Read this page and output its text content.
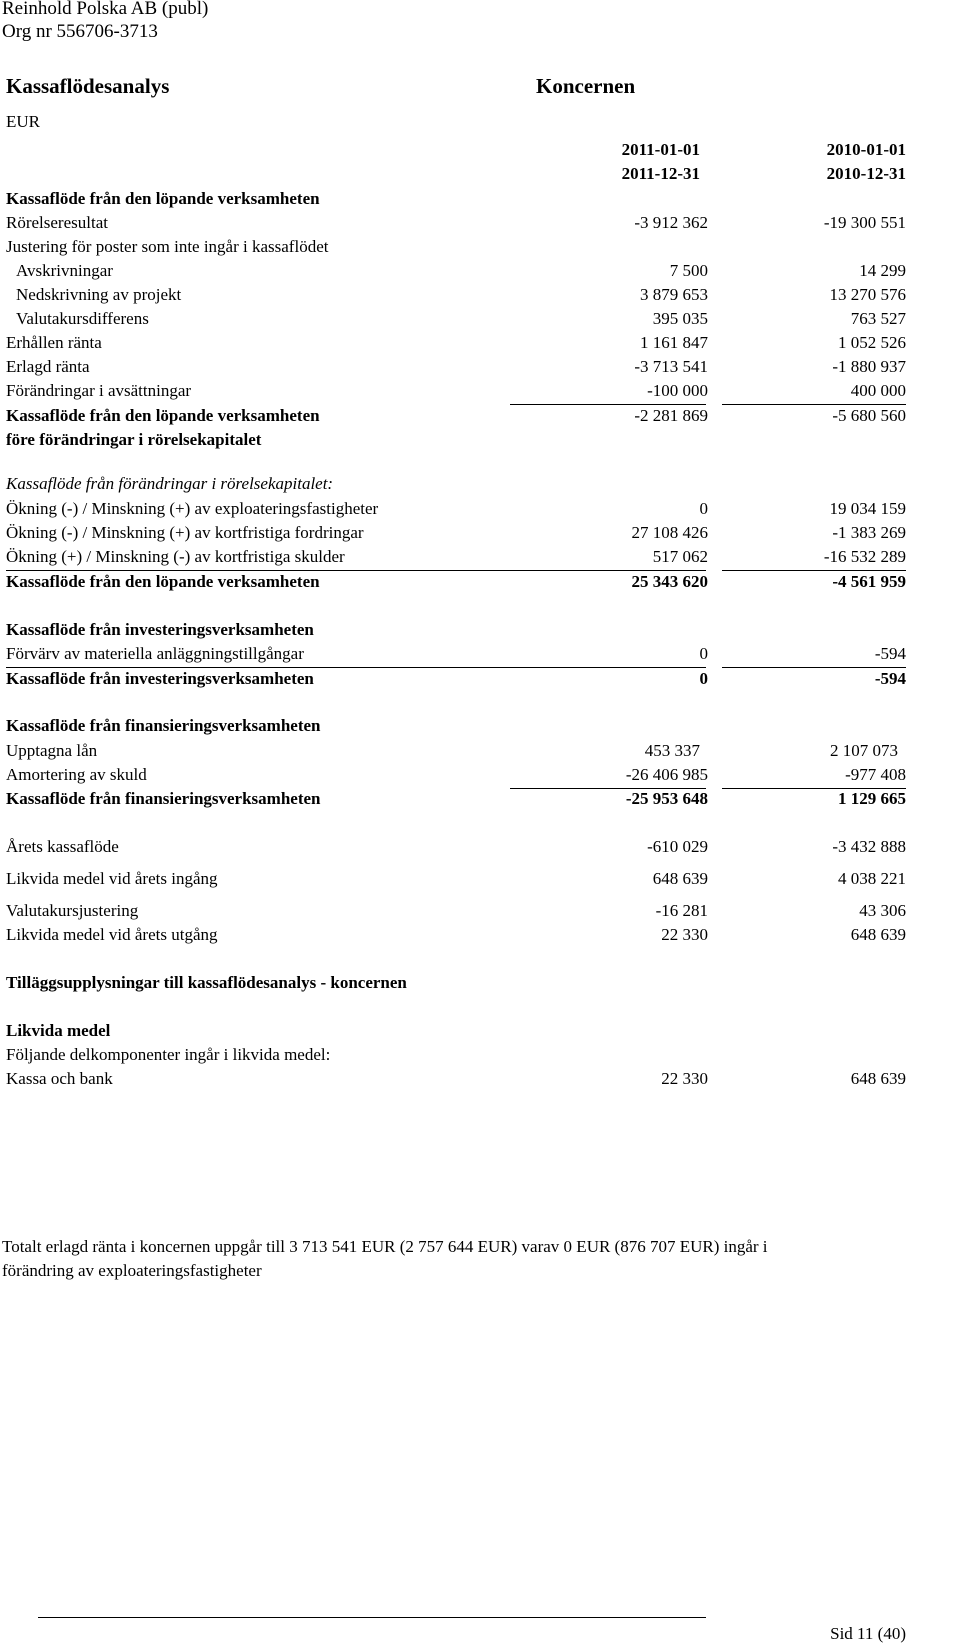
Reinhold Polska AB (publ)
Org nr 556706-3713
Kassaflödesanalys	Koncernen
EUR
2011-01-01	2010-01-01
2011-12-31	2010-12-31
Kassaflöde från den löpande verksamheten
Rörelseresultat	-3 912 362	-19 300 551
Justering för poster som inte ingår i kassaflödet
Avskrivningar	7 500	14 299
Nedskrivning av projekt	3 879 653	13 270 576
Valutakursdifferens	395 035	763 527
Erhållen ränta	1 161 847	1 052 526
Erlagd ränta	-3 713 541	-1 880 937
Förändringar i avsättningar	-100 000	400 000
Kassaflöde från den löpande verksamheten	-2 281 869	-5 680 560
före förändringar i rörelsekapitalet
Kassaflöde från förändringar i rörelsekapitalet:
Ökning (-) / Minskning (+) av exploateringsfastigheter	0	19 034 159
Ökning (-) / Minskning (+) av kortfristiga fordringar	27 108 426	-1 383 269
Ökning (+) / Minskning (-) av kortfristiga skulder	517 062	-16 532 289
Kassaflöde från den löpande verksamheten	25 343 620	-4 561 959
Kassaflöde från investeringsverksamheten
Förvärv av materiella anläggningstillgångar	0	-594
Kassaflöde från investeringsverksamheten	0	-594
Kassaflöde från finansieringsverksamheten
Upptagna lån	453 337	2 107 073
Amortering av skuld	-26 406 985	-977 408
Kassaflöde från finansieringsverksamheten	-25 953 648	1 129 665
Årets kassaflöde	-610 029	-3 432 888
Likvida medel vid årets ingång	648 639	4 038 221
Valutakursjustering	-16 281	43 306
Likvida medel vid årets utgång	22 330	648 639
Tilläggsupplysningar till kassaflödesanalys - koncernen
Likvida medel
Följande delkomponenter ingår i likvida medel:
Kassa och bank	22 330	648 639
Totalt erlagd ränta i koncernen uppgår till 3 713 541 EUR (2 757 644 EUR) varav 0 EUR (876 707 EUR) ingår i
förändring av exploateringsfastigheter
Sid 11 (40)
